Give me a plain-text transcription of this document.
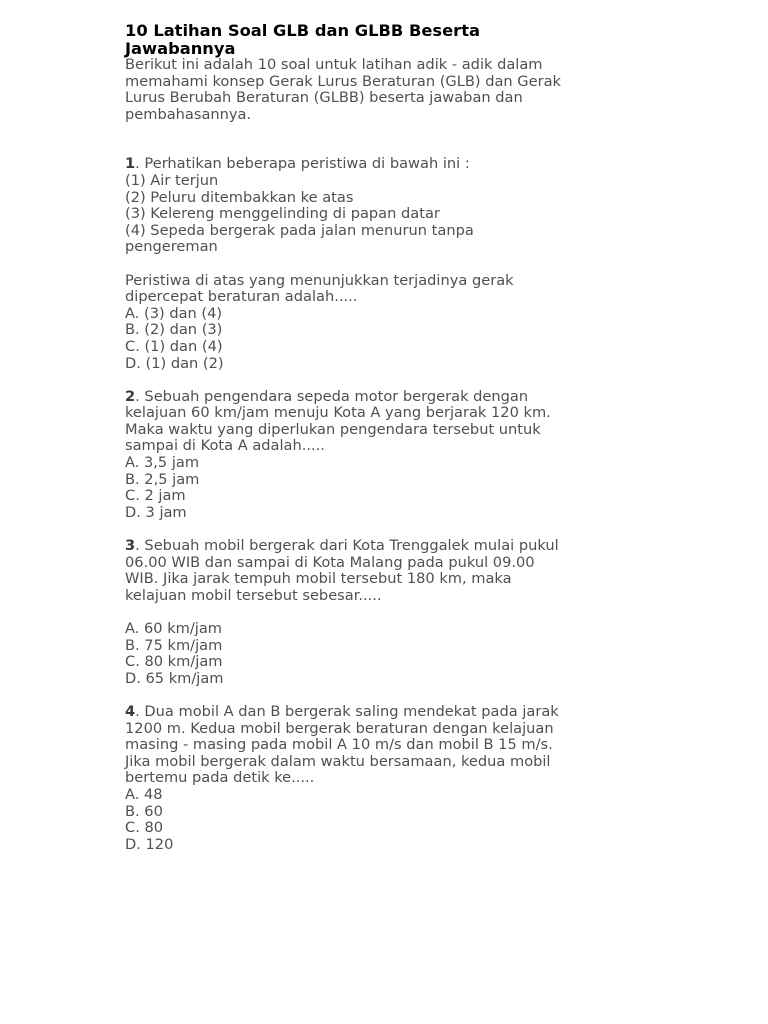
10 Latihan Soal GLB dan GLBB Beserta
Jawabannya

Berikut ini adalah 10 soal untuk latihan adik - adik dalam
memahami konsep Gerak Lurus Beraturan (GLB) dan Gerak
Lurus Berubah Beraturan (GLBB) beserta jawaban dan
pembahasannya.

1. Perhatikan beberapa peristiwa di bawah ini :
(1) Air terjun
(2) Peluru ditembakkan ke atas
(3) Kelereng menggelinding di papan datar
(4) Sepeda bergerak pada jalan menurun tanpa
pengereman
Peristiwa di atas yang menunjukkan terjadinya gerak
dipercepat beraturan adalah.....
A. (3) dan (4)
B. (2) dan (3)
C. (1) dan (4)
D. (1) dan (2)
2. Sebuah pengendara sepeda motor bergerak dengan
kelajuan 60 km/jam menuju Kota A yang berjarak 120 km.
Maka waktu yang diperlukan pengendara tersebut untuk
sampai di Kota A adalah.....
A. 3,5 jam
B. 2,5 jam
C. 2 jam
D. 3 jam
3. Sebuah mobil bergerak dari Kota Trenggalek mulai pukul
06.00 WIB dan sampai di Kota Malang pada pukul 09.00
WIB. Jika jarak tempuh mobil tersebut 180 km, maka
kelajuan mobil tersebut sebesar.....
A. 60 km/jam
B. 75 km/jam
C. 80 km/jam
D. 65 km/jam
4. Dua mobil A dan B bergerak saling mendekat pada jarak
1200 m. Kedua mobil bergerak beraturan dengan kelajuan
masing - masing pada mobil A 10 m/s dan mobil B 15 m/s.
Jika mobil bergerak dalam waktu bersamaan, kedua mobil
bertemu pada detik ke.....
A. 48
B. 60
C. 80
D. 120
